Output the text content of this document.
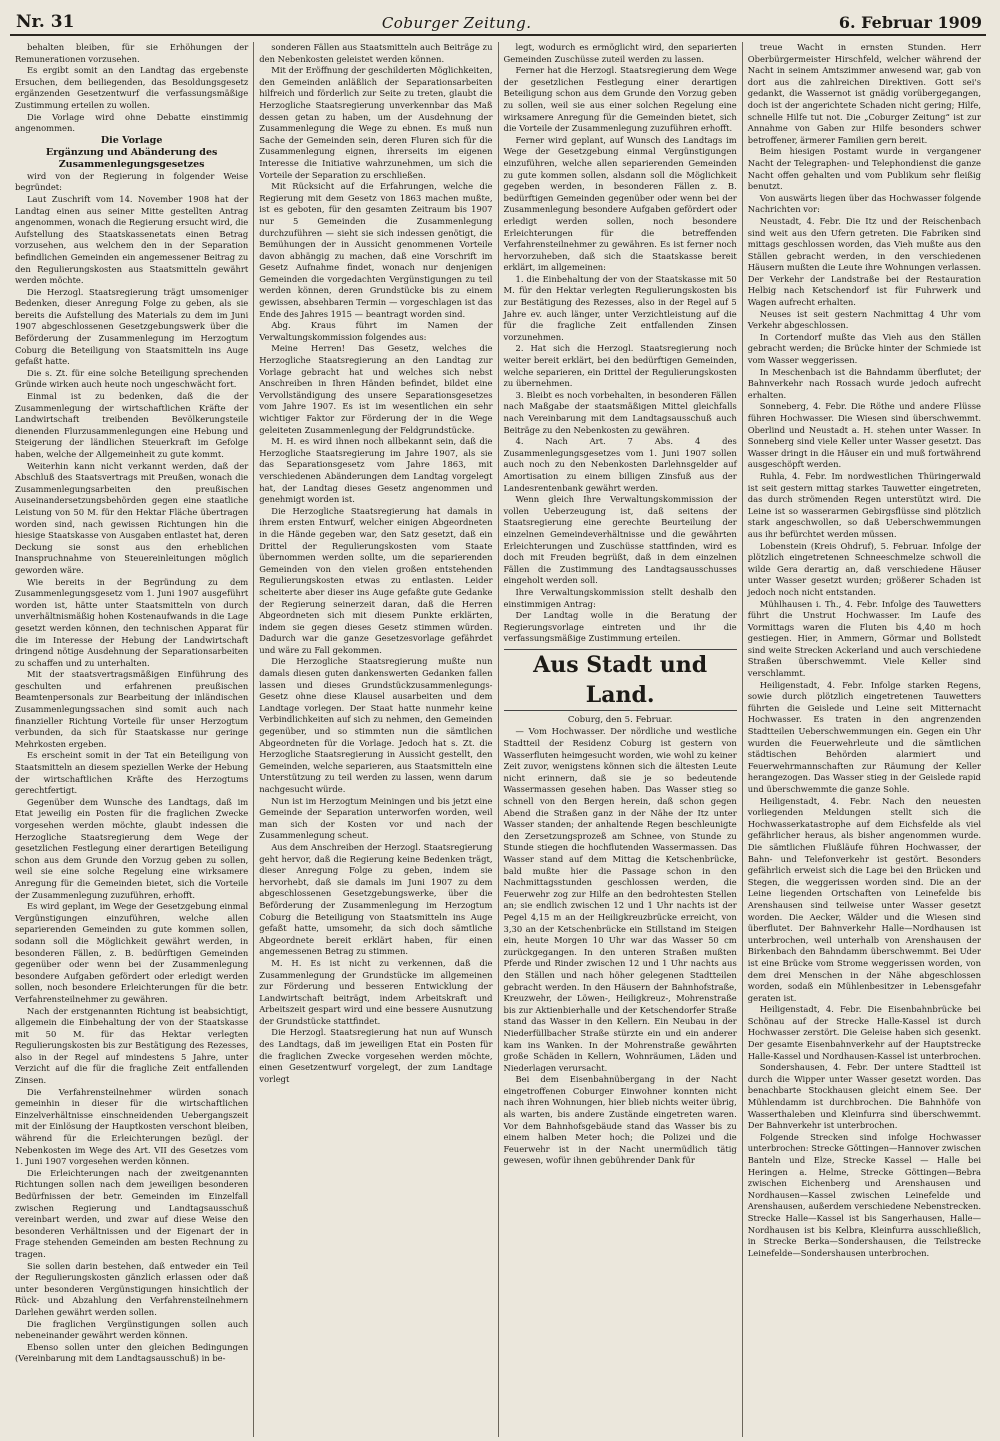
Nr. 31	Coburger Zeitung.	6. Februar 1909

behalten bleiben, für sie Erhöhungen der Remunerationen vorzusehen.

Es ergibt somit an den Landtag das ergebenste Ersuchen, dem beiliegenden, das Besoldungsgesetz ergänzenden Gesetzentwurf die verfassungsmäßige Zustimmung erteilen zu wollen.

Die Vorlage wird ohne Debatte einstimmig angenommen.

Die Vorlage

Ergänzung und Abänderung des Zusammenlegungsgesetzes

wird von der Regierung in folgender Weise begründet:

Laut Zuschrift vom 14. November 1908 hat der Landtag einen aus seiner Mitte gestellten Antrag angenommen, wonach die Regierung ersucht wird, die Aufstellung des Staatskassenetats einen Betrag vorzusehen, aus welchem den in der Separation befindlichen Gemeinden ein angemessener Beitrag zu den Regulierungskosten aus Staatsmitteln gewährt werden möchte.

Die Herzogl. Staatsregierung trägt umsomeniger Bedenken, dieser Anregung Folge zu geben, als sie bereits die Aufstellung des Materials zu dem im Juni 1907 abgeschlossenen Gesetzgebungswerk über die Beförderung der Zusammenlegung im Herzogtum Coburg die Beteiligung von Staatsmitteln ins Auge gefaßt hatte.

Die s. Zt. für eine solche Beteiligung sprechenden Gründe wirken auch heute noch ungeschwächt fort.

Einmal ist zu bedenken, daß die der Zusammenlegung der wirtschaftlichen Kräfte der Landwirtschaft treibenden Bevölkerungsteile dienenden Flurzusammenlegungen eine Hebung und Steigerung der ländlichen Steuerkraft im Gefolge haben, welche der Allgemeinheit zu gute kommt.

Weiterhin kann nicht verkannt werden, daß der Abschluß des Staatsvertrags mit Preußen, wonach die Zusammenlegungsarbeiten den preußischen Auseinandersetzungsbehörden gegen eine staatliche Leistung von 50 M. für den Hektar Fläche übertragen worden sind, nach gewissen Richtungen hin die hiesige Staatskasse von Ausgaben entlastet hat, deren Deckung sie sonst aus den erheblichen Inanspruchnahme von Steuereinleitungen möglich geworden wäre.

Wie bereits in der Begründung zu dem Zusammenlegungsgesetz vom 1. Juni 1907 ausgeführt worden ist, hätte unter Staatsmitteln von durch unverhältnismäßig hohen Kostenaufwands in die Lage gesetzt werden können, den technischen Apparat für die im Interesse der Hebung der Landwirtschaft dringend nötige Ausdehnung der Separationsarbeiten zu schaffen und zu unterhalten.

Mit der staatsvertragsmäßigen Einführung des geschulten und erfahrenen preußischen Beamtenpersonals zur Bearbeitung der inländischen Zusammenlegungssachen sind somit auch nach finanzieller Richtung Vorteile für unser Herzogtum verbunden, da sich für Staatskasse nur geringe Mehrkosten ergeben.

Es erscheint somit in der Tat ein Beteiligung von Staatsmitteln an diesem speziellen Werke der Hebung der wirtschaftlichen Kräfte des Herzogtums gerechtfertigt.

Gegenüber dem Wunsche des Landtags, daß im Etat jeweilig ein Posten für die fraglichen Zwecke vorgesehen werden möchte, glaubt indessen die Herzogliche Staatsregierung dem Wege der gesetzlichen Festlegung einer derartigen Beteiligung schon aus dem Grunde den Vorzug geben zu sollen, weil sie eine solche Regelung eine wirksamere Anregung für die Gemeinden bietet, sich die Vorteile der Zusammenlegung zuzuführen, erhofft.

Es wird geplant, im Wege der Gesetzgebung einmal Vergünstigungen einzuführen, welche allen separierenden Gemeinden zu gute kommen sollen, sodann soll die Möglichkeit gewährt werden, in besonderen Fällen, z. B. bedürftigen Gemeinden gegenüber oder wenn bei der Zusammenlegung besondere Aufgaben gefördert oder erledigt werden sollen, noch besondere Erleichterungen für die betr. Verfahrensteilnehmer zu gewähren.

Nach der erstgenannten Richtung ist beabsichtigt, allgemein die Einbehaltung der von der Staatskasse mit 50 M. für das Hektar verlegten Regulierungskosten bis zur Bestätigung des Rezesses, also in der Regel auf mindestens 5 Jahre, unter Verzicht auf die für die fragliche Zeit entfallenden Zinsen.

Die Verfahrensteilnehmer würden sonach gemeinhin in dieser für die wirtschaftlichen Einzelverhältnisse einschneidenden Uebergangszeit mit der Einlösung der Hauptkosten verschont bleiben, während für die Erleichterungen bezügl. der Nebenkosten im Wege des Art. VII des Gesetzes vom 1. Juni 1907 vorgesehen werden können.

Die Erleichterungen nach der zweitgenannten Richtungen sollen nach dem jeweiligen besonderen Bedürfnissen der betr. Gemeinden im Einzelfall zwischen Regierung und Landtagsausschuß vereinbart werden, und zwar auf diese Weise den besonderen Verhältnissen und der Eigenart der in Frage stehenden Gemeinden am besten Rechnung zu tragen.

Sie sollen darin bestehen, daß entweder ein Teil der Regulierungskosten gänzlich erlassen oder daß unter besonderen Vergünstigungen hinsichtlich der Rück- und Abzahlung den Verfahrensteilnehmern Darlehen gewährt werden sollen.

Die fraglichen Vergünstigungen sollen auch nebeneinander gewährt werden können.

Ebenso sollen unter den gleichen Bedingungen (Vereinbarung mit dem Landtagsausschuß) in be-

sonderen Fällen aus Staatsmitteln auch Beiträge zu den Nebenkosten geleistet werden können.

Mit der Eröffnung der geschilderten Möglichkeiten, den Gemeinden anläßlich der Separationsarbeiten hilfreich und förderlich zur Seite zu treten, glaubt die Herzogliche Staatsregierung unverkennbar das Maß dessen getan zu haben, um der Ausdehnung der Zusammenlegung die Wege zu ebnen. Es muß nun Sache der Gemeinden sein, deren Fluren sich für die Zusammenlegung eignen, ihrerseits im eigenen Interesse die Initiative wahrzunehmen, um sich die Vorteile der Separation zu erschließen.

Mit Rücksicht auf die Erfahrungen, welche die Regierung mit dem Gesetz von 1863 machen mußte, ist es geboten, für den gesamten Zeitraum bis 1907 nur 5 Gemeinden die Zusammenlegung durchzuführen — sieht sie sich indessen genötigt, die Bemühungen der in Aussicht genommenen Vorteile davon abhängig zu machen, daß eine Vorschrift im Gesetz Aufnahme findet, wonach nur denjenigen Gemeinden die vorgedachten Vergünstigungen zu teil werden können, deren Grundstücke bis zu einem gewissen, absehbaren Termin — vorgeschlagen ist das Ende des Jahres 1915 — beantragt worden sind.

Abg. Kraus führt im Namen der Verwaltungskommission folgendes aus:

Meine Herren! Das Gesetz, welches die Herzogliche Staatsregierung an den Landtag zur Vorlage gebracht hat und welches sich nebst Anschreiben in Ihren Händen befindet, bildet eine Vervollständigung des unsere Separationsgesetzes vom Jahre 1907. Es ist im wesentlichen ein sehr wichtiger Faktor zur Förderung der in die Wege geleiteten Zusammenlegung der Feldgrundstücke.

M. H. es wird ihnen noch allbekannt sein, daß die Herzogliche Staatsregierung im Jahre 1907, als sie das Separationsgesetz vom Jahre 1863, mit verschiedenen Abänderungen dem Landtag vorgelegt hat, der Landtag dieses Gesetz angenommen und genehmigt worden ist.

Die Herzogliche Staatsregierung hat damals in ihrem ersten Entwurf, welcher einigen Abgeordneten in die Hände gegeben war, den Satz gesetzt, daß ein Drittel der Regulierungskosten vom Staate übernommen werden sollte, um die separierenden Gemeinden von den vielen großen entstehenden Regulierungskosten etwas zu entlasten. Leider scheiterte aber dieser ins Auge gefaßte gute Gedanke der Regierung seinerzeit daran, daß die Herren Abgeordneten sich mit diesem Punkte erklärten, indem sie gegen dieses Gesetz stimmen würden. Dadurch war die ganze Gesetzesvorlage gefährdet und wäre zu Fall gekommen.

Die Herzogliche Staatsregierung mußte nun damals diesen guten dankenswerten Gedanken fallen lassen und dieses Grundstückzusammenlegungs-Gesetz ohne diese Klausel ausarbeiten und dem Landtage vorlegen. Der Staat hatte nunmehr keine Verbindlichkeiten auf sich zu nehmen, den Gemeinden gegenüber, und so stimmten nun die sämtlichen Abgeordneten für die Vorlage. Jedoch hat s. Zt. die Herzogliche Staatsregierung in Aussicht gestellt, den Gemeinden, welche separieren, aus Staatsmitteln eine Unterstützung zu teil werden zu lassen, wenn darum nachgesucht würde.

Nun ist im Herzogtum Meiningen und bis jetzt eine Gemeinde der Separation unterworfen worden, weil man sich der Kosten vor und nach der Zusammenlegung scheut.

Aus dem Anschreiben der Herzogl. Staatsregierung geht hervor, daß die Regierung keine Bedenken trägt, dieser Anregung Folge zu geben, indem sie hervorhebt, daß sie damals im Juni 1907 zu dem abgeschlossenen Gesetzgebungswerke, über die Beförderung der Zusammenlegung im Herzogtum Coburg die Beteiligung von Staatsmitteln ins Auge gefaßt hatte, umsomehr, da sich doch sämtliche Abgeordnete bereit erklärt haben, für einen angemessenen Betrag zu stimmen.

M. H. Es ist nicht zu verkennen, daß die Zusammenlegung der Grundstücke im allgemeinen zur Förderung und besseren Entwicklung der Landwirtschaft beiträgt, indem Arbeitskraft und Arbeitszeit gespart wird und eine bessere Ausnutzung der Grundstücke stattfindet.

Die Herzogl. Staatsregierung hat nun auf Wunsch des Landtags, daß im jeweiligen Etat ein Posten für die fraglichen Zwecke vorgesehen werden möchte, einen Gesetzentwurf vorgelegt, der zum Landtage vorlegt

legt, wodurch es ermöglicht wird, den separierten Gemeinden Zuschüsse zuteil werden zu lassen.

Ferner hat die Herzogl. Staatsregierung dem Wege der gesetzlichen Festlegung einer derartigen Beteiligung schon aus dem Grunde den Vorzug geben zu sollen, weil sie aus einer solchen Regelung eine wirksamere Anregung für die Gemeinden bietet, sich die Vorteile der Zusammenlegung zuzuführen erhofft.

Ferner wird geplant, auf Wunsch des Landtags im Wege der Gesetzgebung einmal Vergünstigungen einzuführen, welche allen separierenden Gemeinden zu gute kommen sollen, alsdann soll die Möglichkeit gegeben werden, in besonderen Fällen z. B. bedürftigen Gemeinden gegenüber oder wenn bei der Zusammenlegung besondere Aufgaben gefördert oder erledigt werden sollen, noch besondere Erleichterungen für die betreffenden Verfahrensteilnehmer zu gewähren. Es ist ferner noch hervorzuheben, daß sich die Staatskasse bereit erklärt, im allgemeinen:

1. die Einbehaltung der von der Staatskasse mit 50 M. für den Hektar verlegten Regulierungskosten bis zur Bestätigung des Rezesses, also in der Regel auf 5 Jahre ev. auch länger, unter Verzichtleistung auf die für die fragliche Zeit entfallenden Zinsen vorzunehmen.

2. Hat sich die Herzogl. Staatsregierung noch weiter bereit erklärt, bei den bedürftigen Gemeinden, welche separieren, ein Drittel der Regulierungskosten zu übernehmen.

3. Bleibt es noch vorbehalten, in besonderen Fällen nach Maßgabe der staatsmäßigen Mittel gleichfalls nach Vereinbarung mit dem Landtagsausschuß auch Beiträge zu den Nebenkosten zu gewähren.

4. Nach Art. 7 Abs. 4 des Zusammenlegungsgesetzes vom 1. Juni 1907 sollen auch noch zu den Nebenkosten Darlehnsgelder auf Amortisation zu einem billigen Zinsfuß aus der Landesrentenbank gewährt werden.

Wenn gleich Ihre Verwaltungskommission der vollen Ueberzeugung ist, daß seitens der Staatsregierung eine gerechte Beurteilung der einzelnen Gemeindeverhältnisse und die gewährten Erleichterungen und Zuschüsse stattfinden, wird es doch mit Freuden begrüßt, daß in dem einzelnen Fällen die Zustimmung des Landtagsausschusses eingeholt werden soll.

Ihre Verwaltungskommission stellt deshalb den einstimmigen Antrag:

Der Landtag wolle in die Beratung der Regierungsvorlage eintreten und ihr die verfassungsmäßige Zustimmung erteilen.

Aus Stadt und Land.

Coburg, den 5. Februar.

— Vom Hochwasser. Der nördliche und westliche Stadtteil der Residenz Coburg ist gestern von Wasserfluten heimgesucht worden, wie wohl zu keiner Zeit zuvor, wenigstens können sich die ältesten Leute nicht erinnern, daß sie je so bedeutende Wassermassen gesehen haben. Das Wasser stieg so schnell von den Bergen herein, daß schon gegen Abend die Straßen ganz in der Nähe der Itz unter Wasser standen; der anhaltende Regen beschleunigte den Zersetzungsprozeß am Schnee, von Stunde zu Stunde stiegen die hochflutenden Wassermassen. Das Wasser stand auf dem Mittag die Ketschenbrücke, bald mußte hier die Passage schon in den Nachmittagsstunden geschlossen werden, die Feuerwehr zog zur Hilfe an den bedrohtesten Stellen an; sie endlich zwischen 12 und 1 Uhr nachts ist der Pegel 4,15 m an der Heiligkreuzbrücke erreicht, von 3,30 an der Ketschenbrücke ein Stillstand im Steigen ein, heute Morgen 10 Uhr war das Wasser 50 cm zurückgegangen. In den unteren Straßen mußten Pferde und Rinder zwischen 12 und 1 Uhr nachts aus den Ställen und nach höher gelegenen Stadtteilen gebracht werden. In den Häusern der Bahnhofstraße, Kreuzwehr, der Löwen-, Heiligkreuz-, Mohrenstraße bis zur Aktienbierhalle und der Ketschendorfer Straße stand das Wasser in den Kellern. Ein Neubau in der Niederfüllbacher Straße stürzte ein und ein anderer kam ins Wanken. In der Mohrenstraße gewährten große Schäden in Kellern, Wohnräumen, Läden und Niederlagen verursacht.

Bei dem Eisenbahnübergang in der Nacht eingetroffenen Coburger Einwohner konnten nicht nach ihren Wohnungen, hier blieb nichts weiter übrig, als warten, bis andere Zustände eingetreten waren. Vor dem Bahnhofsgebäude stand das Wasser bis zu einem halben Meter hoch; die Polizei und die Feuerwehr ist in der Nacht unermüdlich tätig gewesen, wofür ihnen gebührender Dank für

treue Wacht in ernsten Stunden. Herr Oberbürgermeister Hirschfeld, welcher während der Nacht in seinem Amtszimmer anwesend war, gab von dort aus die zahlreichen Direktiven. Gott sei's gedankt, die Wassernot ist gnädig vorübergegangen, doch ist der angerichtete Schaden nicht gering; Hilfe, schnelle Hilfe tut not. Die „Coburger Zeitung“ ist zur Annahme von Gaben zur Hilfe besonders schwer betroffener, ärmerer Familien gern bereit.

Beim hiesigen Postamt wurde in vergangener Nacht der Telegraphen- und Telephondienst die ganze Nacht offen gehalten und vom Publikum sehr fleißig benutzt.

Von auswärts liegen über das Hochwasser folgende Nachrichten vor:

Neustadt, 4. Febr. Die Itz und der Reischenbach sind weit aus den Ufern getreten. Die Fabriken sind mittags geschlossen worden, das Vieh mußte aus den Ställen gebracht werden, in den verschiedenen Häusern mußten die Leute ihre Wohnungen verlassen. Der Verkehr der Landstraße bei der Restauration Helbig nach Ketschendorf ist für Fuhrwerk und Wagen aufrecht erhalten.

Neuses ist seit gestern Nachmittag 4 Uhr vom Verkehr abgeschlossen.

In Cortendorf mußte das Vieh aus den Ställen gebracht werden; die Brücke hinter der Schmiede ist vom Wasser weggerissen.

In Meschenbach ist die Bahndamm überflutet; der Bahnverkehr nach Rossach wurde jedoch aufrecht erhalten.

Sonneberg, 4. Febr. Die Röthe und andere Flüsse führen Hochwasser. Die Wiesen sind überschwemmt. Oberlind und Neustadt a. H. stehen unter Wasser. In Sonneberg sind viele Keller unter Wasser gesetzt. Das Wasser dringt in die Häuser ein und muß fortwährend ausgeschöpft werden.

Ruhla, 4. Febr. Im nordwestlichen Thüringerwald ist seit gestern mittag starkes Tauwetter eingetreten, das durch strömenden Regen unterstützt wird. Die Leine ist so wasserarmen Gebirgsflüsse sind plötzlich stark angeschwollen, so daß Ueberschwemmungen aus ihr befürchtet werden müssen.

Lobenstein (Kreis Ohdruf), 5. Februar. Infolge der plötzlich eingetretenen Schneeschmelze schwoll die wilde Gera derartig an, daß verschiedene Häuser unter Wasser gesetzt wurden; größerer Schaden ist jedoch noch nicht entstanden.

Mühlhausen i. Th., 4. Febr. Infolge des Tauwetters führt die Unstrut Hochwasser. Im Laufe des Vormittags waren die Fluten bis 4,40 m hoch gestiegen. Hier, in Ammern, Görmar und Bollstedt sind weite Strecken Ackerland und auch verschiedene Straßen überschwemmt. Viele Keller sind verschlammt.

Heiligenstadt, 4. Febr. Infolge starken Regens, sowie durch plötzlich eingetretenen Tauwetters führten die Geislede und Leine seit Mitternacht Hochwasser. Es traten in den angrenzenden Stadtteilen Ueberschwemmungen ein. Gegen ein Uhr wurden die Feuerwehrleute und die sämtlichen städtischen Behörden alarmiert und Feuerwehrmannschaften zur Räumung der Keller herangezogen. Das Wasser stieg in der Geislede rapid und überschwemmte die ganze Sohle.

Heiligenstadt, 4. Febr. Nach den neuesten vorliegenden Meldungen stellt sich die Hochwasserkatastrophe auf dem Eichsfelde als viel gefährlicher heraus, als bisher angenommen wurde. Die sämtlichen Flußläufe führen Hochwasser, der Bahn- und Telefonverkehr ist gestört. Besonders gefährlich erweist sich die Lage bei den Brücken und Stegen, die weggerissen worden sind. Die an der Leine liegenden Ortschaften von Leinefelde bis Arenshausen sind teilweise unter Wasser gesetzt worden. Die Aecker, Wälder und die Wiesen sind überflutet. Der Bahnverkehr Halle—Nordhausen ist unterbrochen, weil unterhalb von Arenshausen der Birkenbach den Bahndamm überschwemmt. Bei Uder ist eine Brücke vom Strome weggerissen worden, von dem drei Menschen in der Nähe abgeschlossen worden, sodaß ein Mühlenbesitzer in Lebensgefahr geraten ist.

Heiligenstadt, 4. Febr. Die Eisenbahnbrücke bei Schönau auf der Strecke Halle-Kassel ist durch Hochwasser zerstört. Die Geleise haben sich gesenkt. Der gesamte Eisenbahnverkehr auf der Hauptstrecke Halle-Kassel und Nordhausen-Kassel ist unterbrochen.

Sondershausen, 4. Febr. Der untere Stadtteil ist durch die Wipper unter Wasser gesetzt worden. Das benachbarte Stockhausen gleicht einem See. Der Mühlendamm ist durchbrochen. Die Bahnhöfe von Wasserthaleben und Kleinfurra sind überschwemmt. Der Bahnverkehr ist unterbrochen.

Folgende Strecken sind infolge Hochwasser unterbrochen: Strecke Göttingen—Hannover zwischen Banteln und Elze, Strecke Kassel — Halle bei Heringen a. Helme, Strecke Göttingen—Bebra zwischen Eichenberg und Arenshausen und Nordhausen—Kassel zwischen Leinefelde und Arenshausen, außerdem verschiedene Nebenstrecken. Strecke Halle—Kassel ist bis Sangerhausen, Halle—Nordhausen ist bis Kelbra, Kleinfurra ausschließlich, in Strecke Berka—Sondershausen, die Teilstrecke Leinefelde—Sondershausen unterbrochen.
